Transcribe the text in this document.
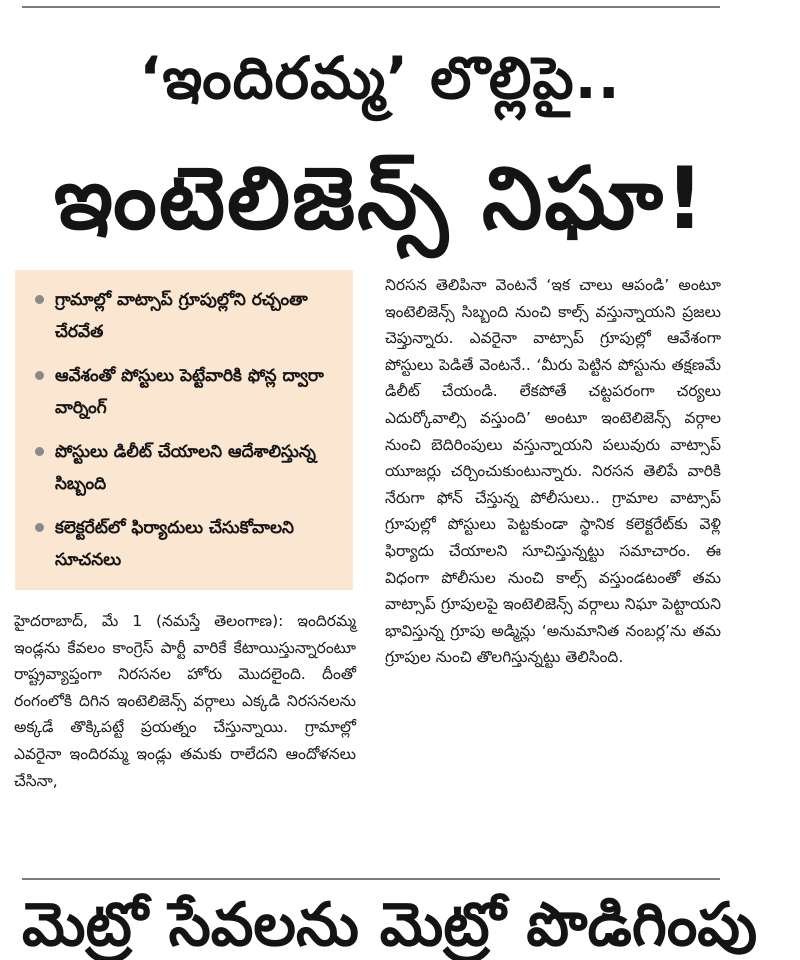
‘ఇందిరమ్మ’ లొల్లిపై..
ఇంటెలిజెన్స్‌ నిఘా!
గ్రామాల్లో వాట్సాప్‌ గ్రూపుల్లోని రచ్చంతా చేరవేత
ఆవేశంతో పోస్టులు పెట్టేవారికి ఫోన్ల ద్వారా వార్నింగ్‌
పోస్టులు డిలీట్‌ చేయాలని ఆదేశాలిస్తున్న సిబ్బంది
కలెక్టరేట్‌లో ఫిర్యాదులు చేసుకోవాలని సూచనలు
హైదరాబాద్‌, మే 1 (నమస్తే తెలంగాణ): ఇందిరమ్మ ఇండ్లను కేవలం కాంగ్రెస్‌ పార్టీ వారికే కేటాయిస్తున్నారంటూ రాష్ట్రవ్యాప్తంగా నిరసనల హోరు మొదలైంది. దీంతో రంగంలోకి దిగిన ఇంటెలిజెన్స్‌ వర్గాలు ఎక్కడి నిరసనలను అక్కడే తొక్కిపట్టే ప్రయత్నం చేస్తున్నాయి. గ్రామాల్లో ఎవరైనా ఇందిరమ్మ ఇండ్లు తమకు రాలేదని ఆందోళనలు చేసినా,
నిరసన తెలిపినా వెంటనే ‘ఇక చాలు ఆపండి’ అంటూ ఇంటెలిజెన్స్‌ సిబ్బంది నుంచి కాల్స్‌ వస్తున్నాయని ప్రజలు చెప్తున్నారు. ఎవరైనా వాట్సాప్‌ గ్రూపుల్లో ఆవేశంగా పోస్టులు పెడితే వెంటనే.. ‘మీరు పెట్టిన పోస్టును తక్షణమే డిలీట్‌ చేయండి. లేకపోతే చట్టపరంగా చర్యలు ఎదుర్కోవాల్సి వస్తుంది’ అంటూ ఇంటెలిజెన్స్‌ వర్గాల నుంచి బెదిరింపులు వస్తున్నాయని పలువురు వాట్సాప్‌ యూజర్లు చర్చించుకుంటున్నారు. నిరసన తెలిపే వారికి నేరుగా ఫోన్‌ చేస్తున్న పోలీసులు.. గ్రామాల వాట్సాప్‌ గ్రూపుల్లో పోస్టులు పెట్టకుండా స్థానిక కలెక్టరేట్‌కు వెళ్లి ఫిర్యాదు చేయాలని సూచిస్తున్నట్టు సమాచారం. ఈ విధంగా పోలీసుల నుంచి కాల్స్‌ వస్తుండటంతో తమ వాట్సాప్‌ గ్రూపులపై ఇంటెలిజెన్స్‌ వర్గాలు నిఘా పెట్టాయని భావిస్తున్న గ్రూపు అడ్మిన్లు ‘అనుమానిత నంబర్ల’ను తమ గ్రూపుల నుంచి తొలగిస్తున్నట్టు తెలిసింది.
మెట్రో సేవలను మెట్రో పొడిగింపు
